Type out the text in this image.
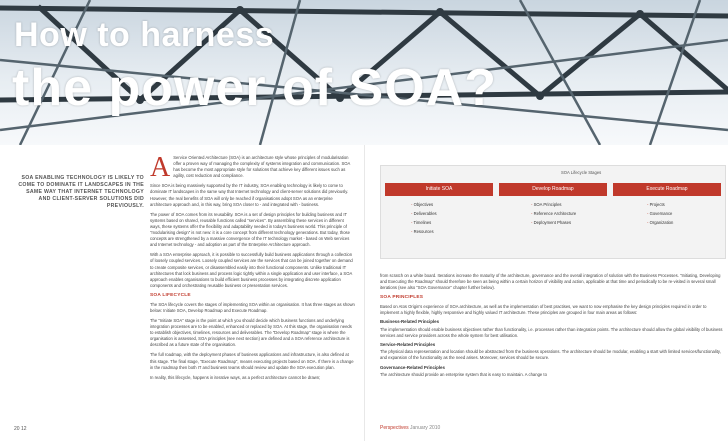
How to harness
the power of SOA?
SOA ENABLING TECHNOLOGY IS LIKELY TO COME TO DOMINATE IT LANDSCAPES IN THE SAME WAY THAT INTERNET TECHNOLOGY AND CLIENT-SERVER SOLUTIONS DID PREVIOUSLY.

A Service Oriented Architecture (SOA) is an architecture style whose principles of modularisation offer a proven way of managing the complexity of systems integration and communication. SOA has become the most appropriate style for solutions that achieve key different issues such as agility, cost reduction and compliance.

Since SOA is being massively supported by the IT industry, SOA enabling technology is likely to come to dominate IT landscapes in the same way that Internet technology and client-server solutions did previously. However, the real benefits of SOA will only be reached if organisations adopt SOA as an enterprise architecture approach and, in this way, bring SOA closer to - and integrated with - business.

The power of SOA comes from its reusability. SOA is a set of design principles for building business and IT systems based on shared, reusable functions called "services". By assembling these services in different ways, these systems offer the flexibility and adaptability needed in today's business world. This principle of "modularising design" is not new: it is a core concept from different technology generations. But today, those concepts are strengthened by a massive convergence of the IT technology market - based on Web services and Internet technology - and adoption as part of the Enterprise Architecture approach.

With a SOA enterprise approach, it is possible to successfully build business applications through a collection of loosely coupled services. Loosely coupled services are the services that can be joined together on demand to create composite services, or disassembled easily into their functional components. Unlike traditional IT architectures that lock business and process logic tightly within a single application and user interface, a SOA approach enables organisations to build efficient business processes by integrating discrete application components and orchestrating reusable business or presentation services.

SOA LIFECYCLE

The SOA lifecycle covers the stages of implementing SOA within an organisation. It has three stages as shown below: Initiate SOA, Develop Roadmap and Execute Roadmap.

The "Initiate SOA" stage is the point at which you should decide which business functions and underlying integration processes are to be enabled, enhanced or replaced by SOA. At this stage, the organisation needs to establish objectives, timelines, resources and deliverables. The "Develop Roadmap" stage is where the organisation is assessed, SOA principles (see next section) are defined and a SOA reference architecture is described as a future state of the organisation.

The full roadmap, with the deployment phases of business applications and infrastructure, is also defined at this stage. The final stage, "Execute Roadmap", means executing projects based on SOA. If there is a change in the roadmap then both IT and business teams should review and update the SOA execution plan.

In reality, this lifecycle, happens in iterative ways, as a perfect architecture cannot be drawn;

20 12
SOA Lifecycle Stages
Initiate SOA	Develop Roadmap	Execute Roadmap
- Objectives
- Deliverables
- Timelines
- Resources
- SOA Principles
- Reference Architecture
- Deployment Phases
- Projects
- Governance
- Organization

from scratch on a white board. Iterations increase the maturity of the architecture, governance and the overall integration of solution with the Business Processes. "Initiating, Developing and Executing the Roadmap" should therefore be seen as being within a certain horizon of visibility and action, applicable at that time and periodically to be re-visited in several small iterations (see also "SOA Governance" chapter further below).

SOA PRINCIPLES

Based on Atos Origin's experience of SOA architecture, as well as the implementation of best practises, we want to now emphasise the key design principles required in order to implement a highly flexible, highly responsive and highly valued IT architecture. These principles are grouped in four main areas as follows:

Business-Related Principles

The implementation should enable business objectives rather than functionality, i.e. processes rather than integration points. The architecture should allow the global visibility of business services and service providers across the whole system for best utilisation.

Service-Related Principles

The physical data representation and location should be abstracted from the business operations. The architecture should be modular, enabling a start with limited services/functionality, and expansion of the functionality as the need arises. Moreover, services should be secure.

Governance-Related Principles

The architecture should provide an enterprise system that is easy to maintain. A change to

Perspectives January 2010
